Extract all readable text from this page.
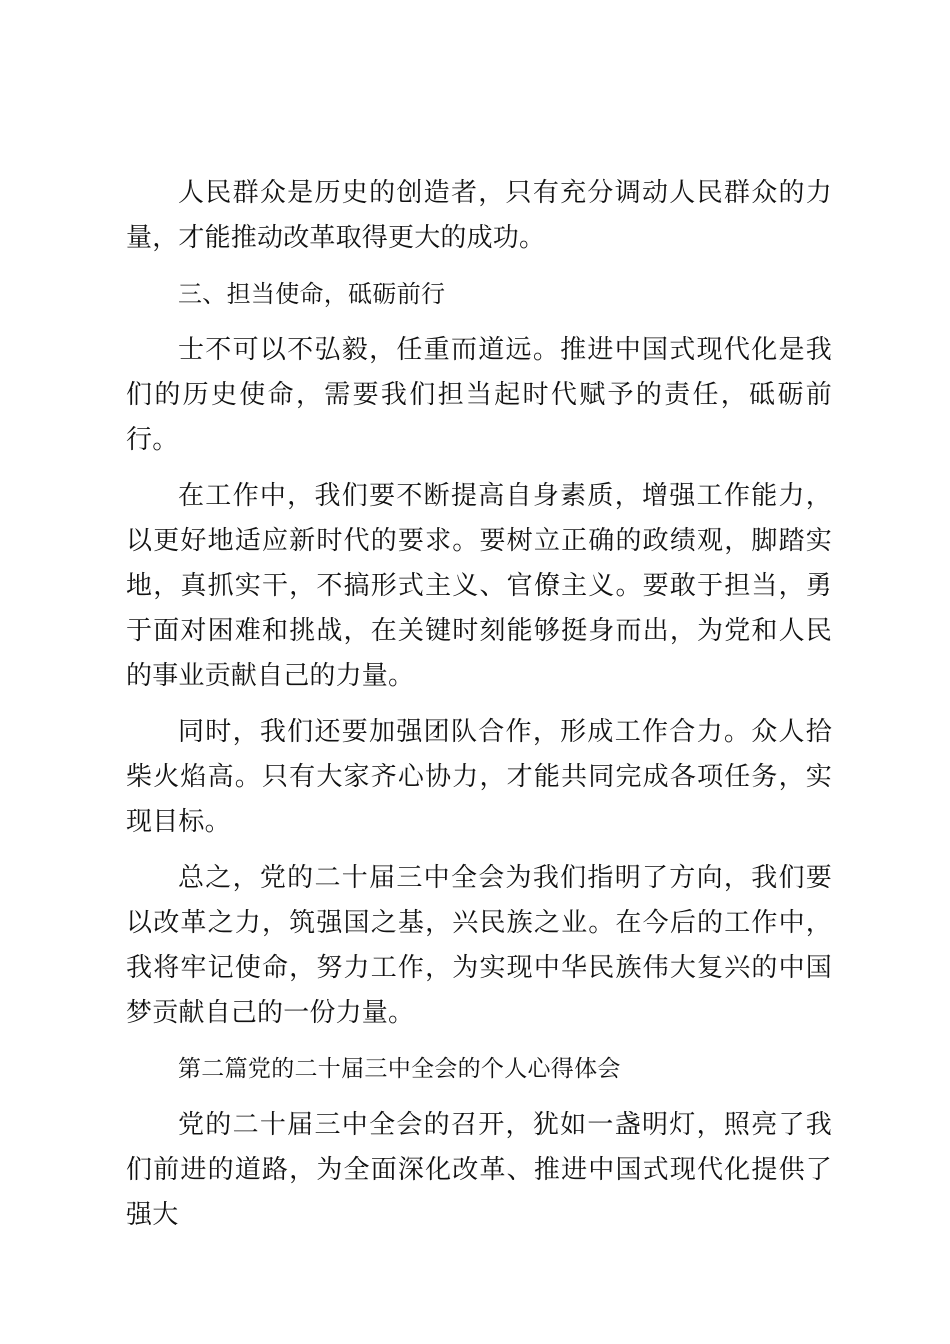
人民群众是历史的创造者，只有充分调动人民群众的力量，才能推动改革取得更大的成功。

三、担当使命，砥砺前行

士不可以不弘毅，任重而道远。推进中国式现代化是我们的历史使命，需要我们担当起时代赋予的责任，砥砺前行。

在工作中，我们要不断提高自身素质，增强工作能力，以更好地适应新时代的要求。要树立正确的政绩观，脚踏实地，真抓实干，不搞形式主义、官僚主义。要敢于担当，勇于面对困难和挑战，在关键时刻能够挺身而出，为党和人民的事业贡献自己的力量。

同时，我们还要加强团队合作，形成工作合力。众人拾柴火焰高。只有大家齐心协力，才能共同完成各项任务，实现目标。

总之，党的二十届三中全会为我们指明了方向，我们要以改革之力，筑强国之基，兴民族之业。在今后的工作中，我将牢记使命，努力工作，为实现中华民族伟大复兴的中国梦贡献自己的一份力量。

第二篇党的二十届三中全会的个人心得体会

党的二十届三中全会的召开，犹如一盏明灯，照亮了我们前进的道路，为全面深化改革、推进中国式现代化提供了强大
